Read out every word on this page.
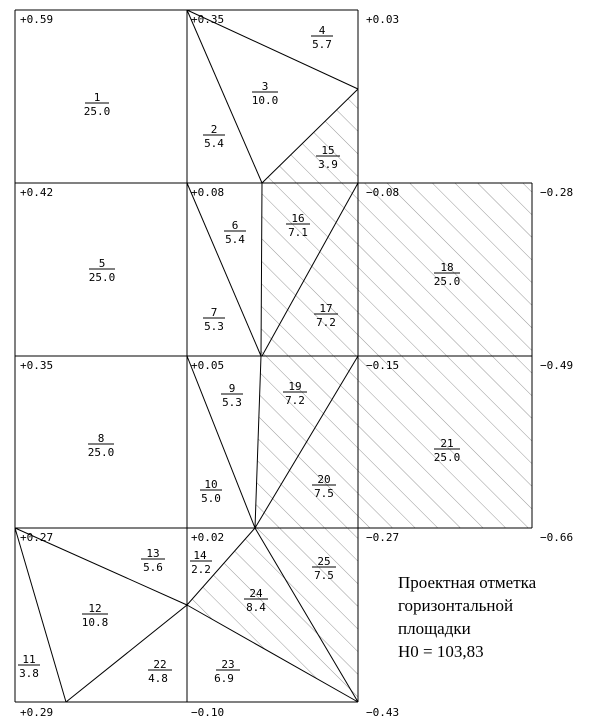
+0.59	+0.35	+0.03
+0.42	+0.08	−0.08	−0.28
+0.35	+0.05	−0.15	−0.49
+0.27	+0.02	−0.27	−0.66
+0.29	−0.10	−0.43
1
25.0
2
5.4
3
10.0
4
5.7
15
3.9
5
25.0
6
5.4
7
5.3
16
7.1
17
7.2
18
25.0
8
25.0
9
5.3
10
5.0
19
7.2
20
7.5
21
25.0
11
3.8
12
10.8
13
5.6
22
4.8
14
2.2
23
6.9
24
8.4
25
7.5	Проектная отметка
горизонтальной
площадки
H0 = 103,83
